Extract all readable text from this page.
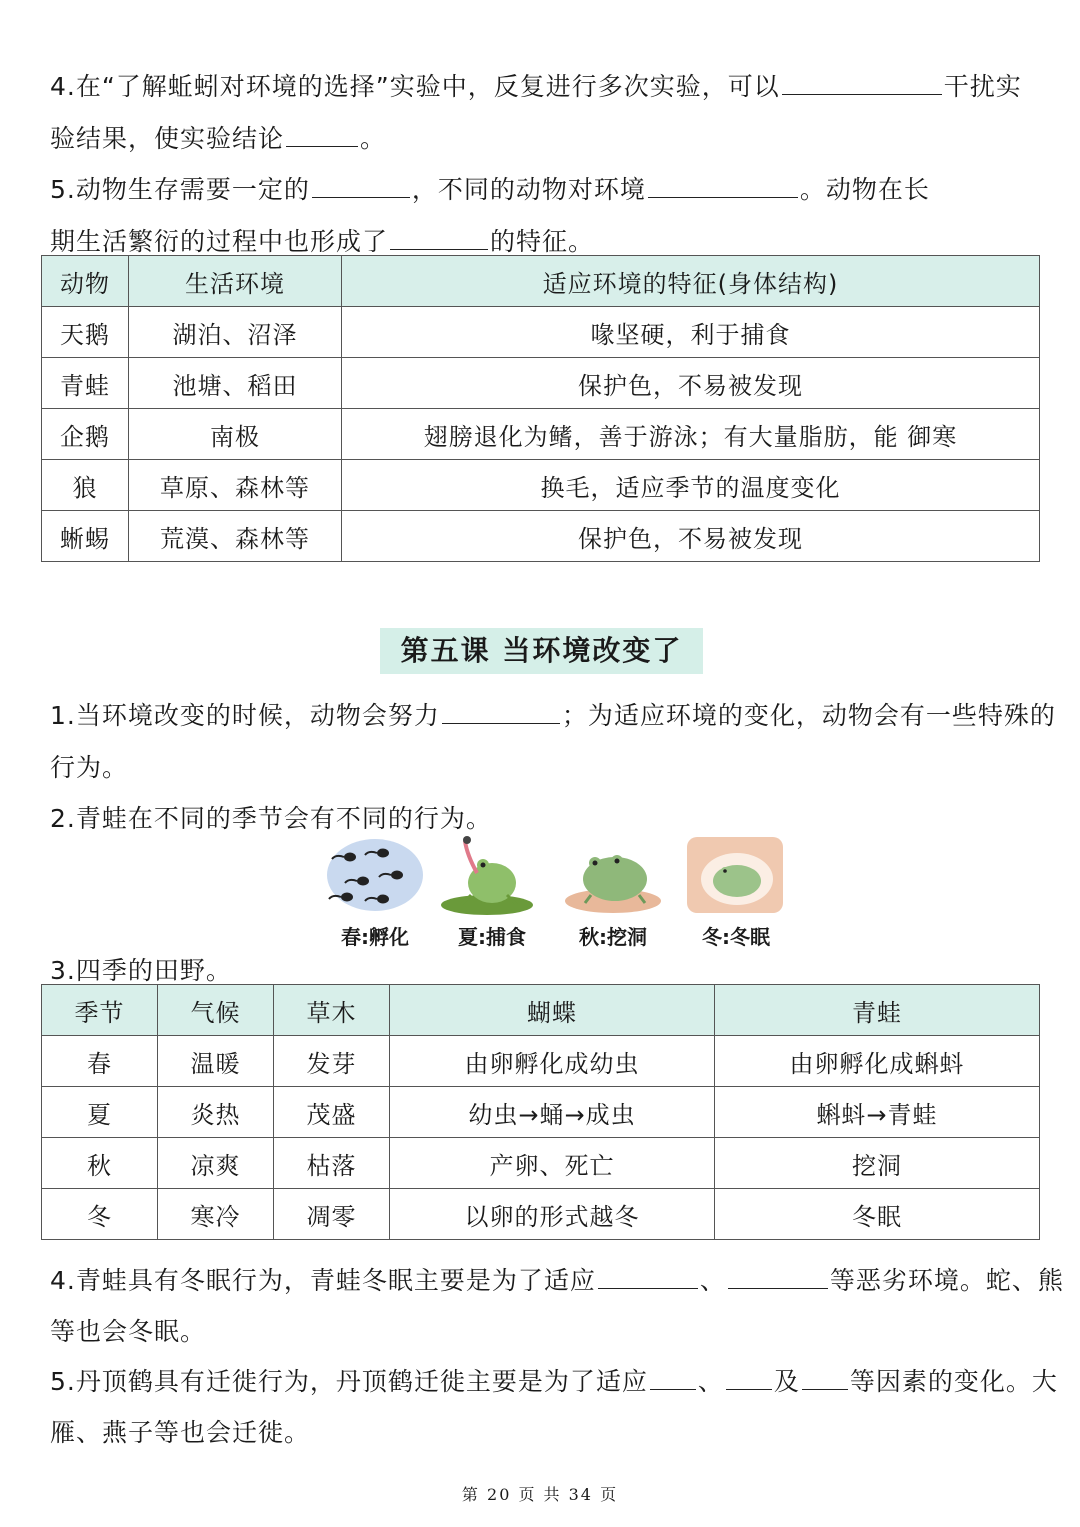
4.在“了解蚯蚓对环境的选择”实验中，反复进行多次实验，可以	干扰实
验结果，使实验结论	。
5.动物生存需要一定的	，不同的动物对环境	。动物在长
期生活繁衍的过程中也形成了	的特征。
动物	生活环境	适应环境的特征(身体结构)
天鹅	湖泊、沼泽	喙坚硬，利于捕食
青蛙	池塘、稻田	保护色，不易被发现
企鹅	南极	翅膀退化为鳍，善于游泳；有大量脂肪，能 御寒
狼	草原、森林等	换毛，适应季节的温度变化
蜥蜴	荒漠、森林等	保护色，不易被发现
第五课 当环境改变了
1.当环境改变的时候，动物会努力	；为适应环境的变化，动物会有一些特殊的
行为。
2.青蛙在不同的季节会有不同的行为。
春:孵化	夏:捕食	秋:挖洞	冬:冬眠
3.四季的田野。
季节	气候	草木	蝴蝶	青蛙
春	温暖	发芽	由卵孵化成幼虫	由卵孵化成蝌蚪
夏	炎热	茂盛	幼虫→蛹→成虫	蝌蚪→青蛙
秋	凉爽	枯落	产卵、死亡	挖洞
冬	寒冷	凋零	以卵的形式越冬	冬眠
4.青蛙具有冬眠行为，青蛙冬眠主要是为了适应	、	等恶劣环境。蛇、熊
等也会冬眠。
5.丹顶鹤具有迁徙行为，丹顶鹤迁徙主要是为了适应 、 及 等因素的变化。大
雁、燕子等也会迁徙。
第 20 页 共 34 页
